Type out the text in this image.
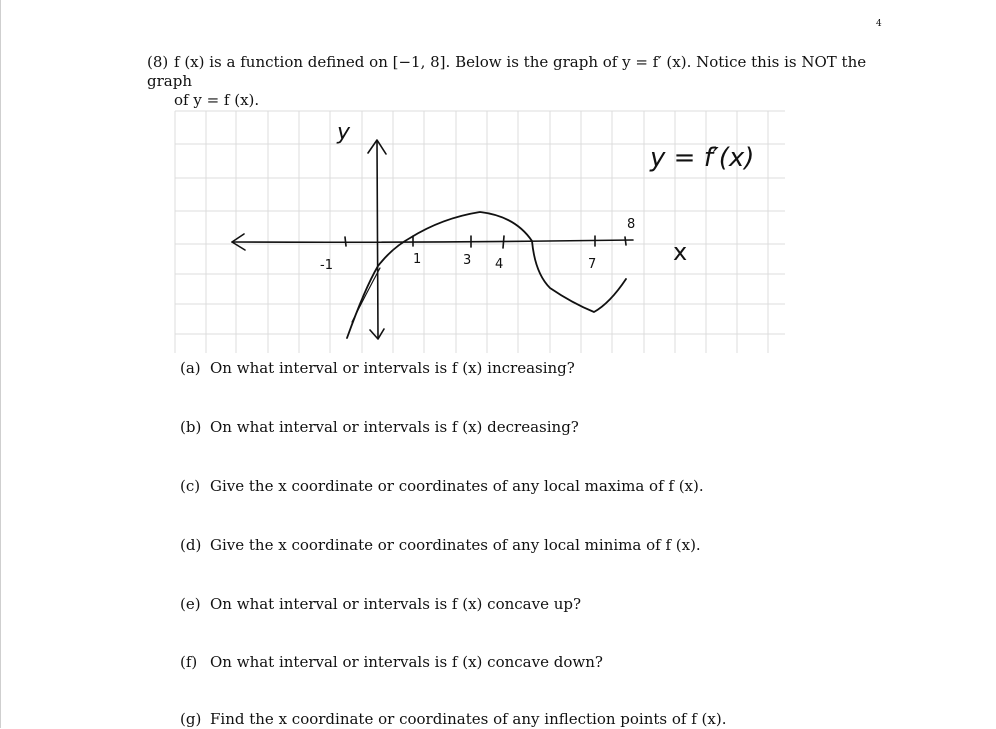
4
(8) f (x) is a function defined on [−1, 8]. Below is the graph of y = f′ (x). Notice this is NOT the graph
of y = f (x).
y
y = f′(x)
x
-1	1	3 4	7
8
(a) On what interval or intervals is f (x) increasing?
(b) On what interval or intervals is f (x) decreasing?
(c) Give the x coordinate or coordinates of any local maxima of f (x).
(d) Give the x coordinate or coordinates of any local minima of f (x).
(e) On what interval or intervals is f (x) concave up?
(f) On what interval or intervals is f (x) concave down?
(g) Find the x coordinate or coordinates of any inflection points of f (x).
